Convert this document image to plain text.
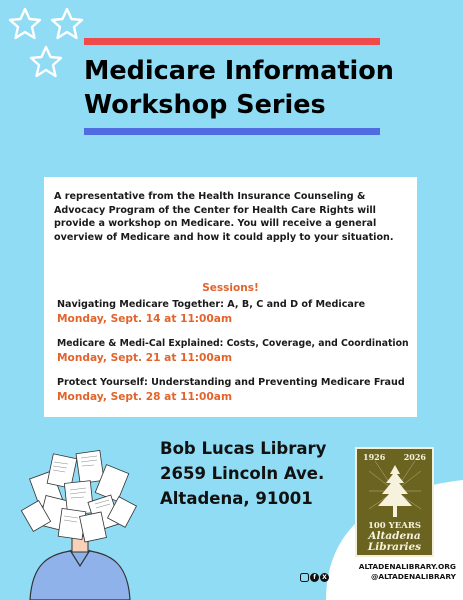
Medicare Information
Workshop Series

A representative from the Health Insurance Counseling & Advocacy Program of the Center for Health Care Rights will provide a workshop on Medicare. You will receive a general overview of Medicare and how it could apply to your situation.

Sessions!
Navigating Medicare Together: A, B, C and D of Medicare
Monday, Sept. 14 at 11:00am
Medicare & Medi-Cal Explained: Costs, Coverage, and Coordination
Monday, Sept. 21 at 11:00am
Protect Yourself: Understanding and Preventing Medicare Fraud
Monday, Sept. 28 at 11:00am
Bob Lucas Library
2659 Lincoln Ave.
Altadena, 91001
1926 2026
100 YEARS
Altadena
Libraries
f	X
ALTADENALIBRARY.ORG
@ALTADENALIBRARY
